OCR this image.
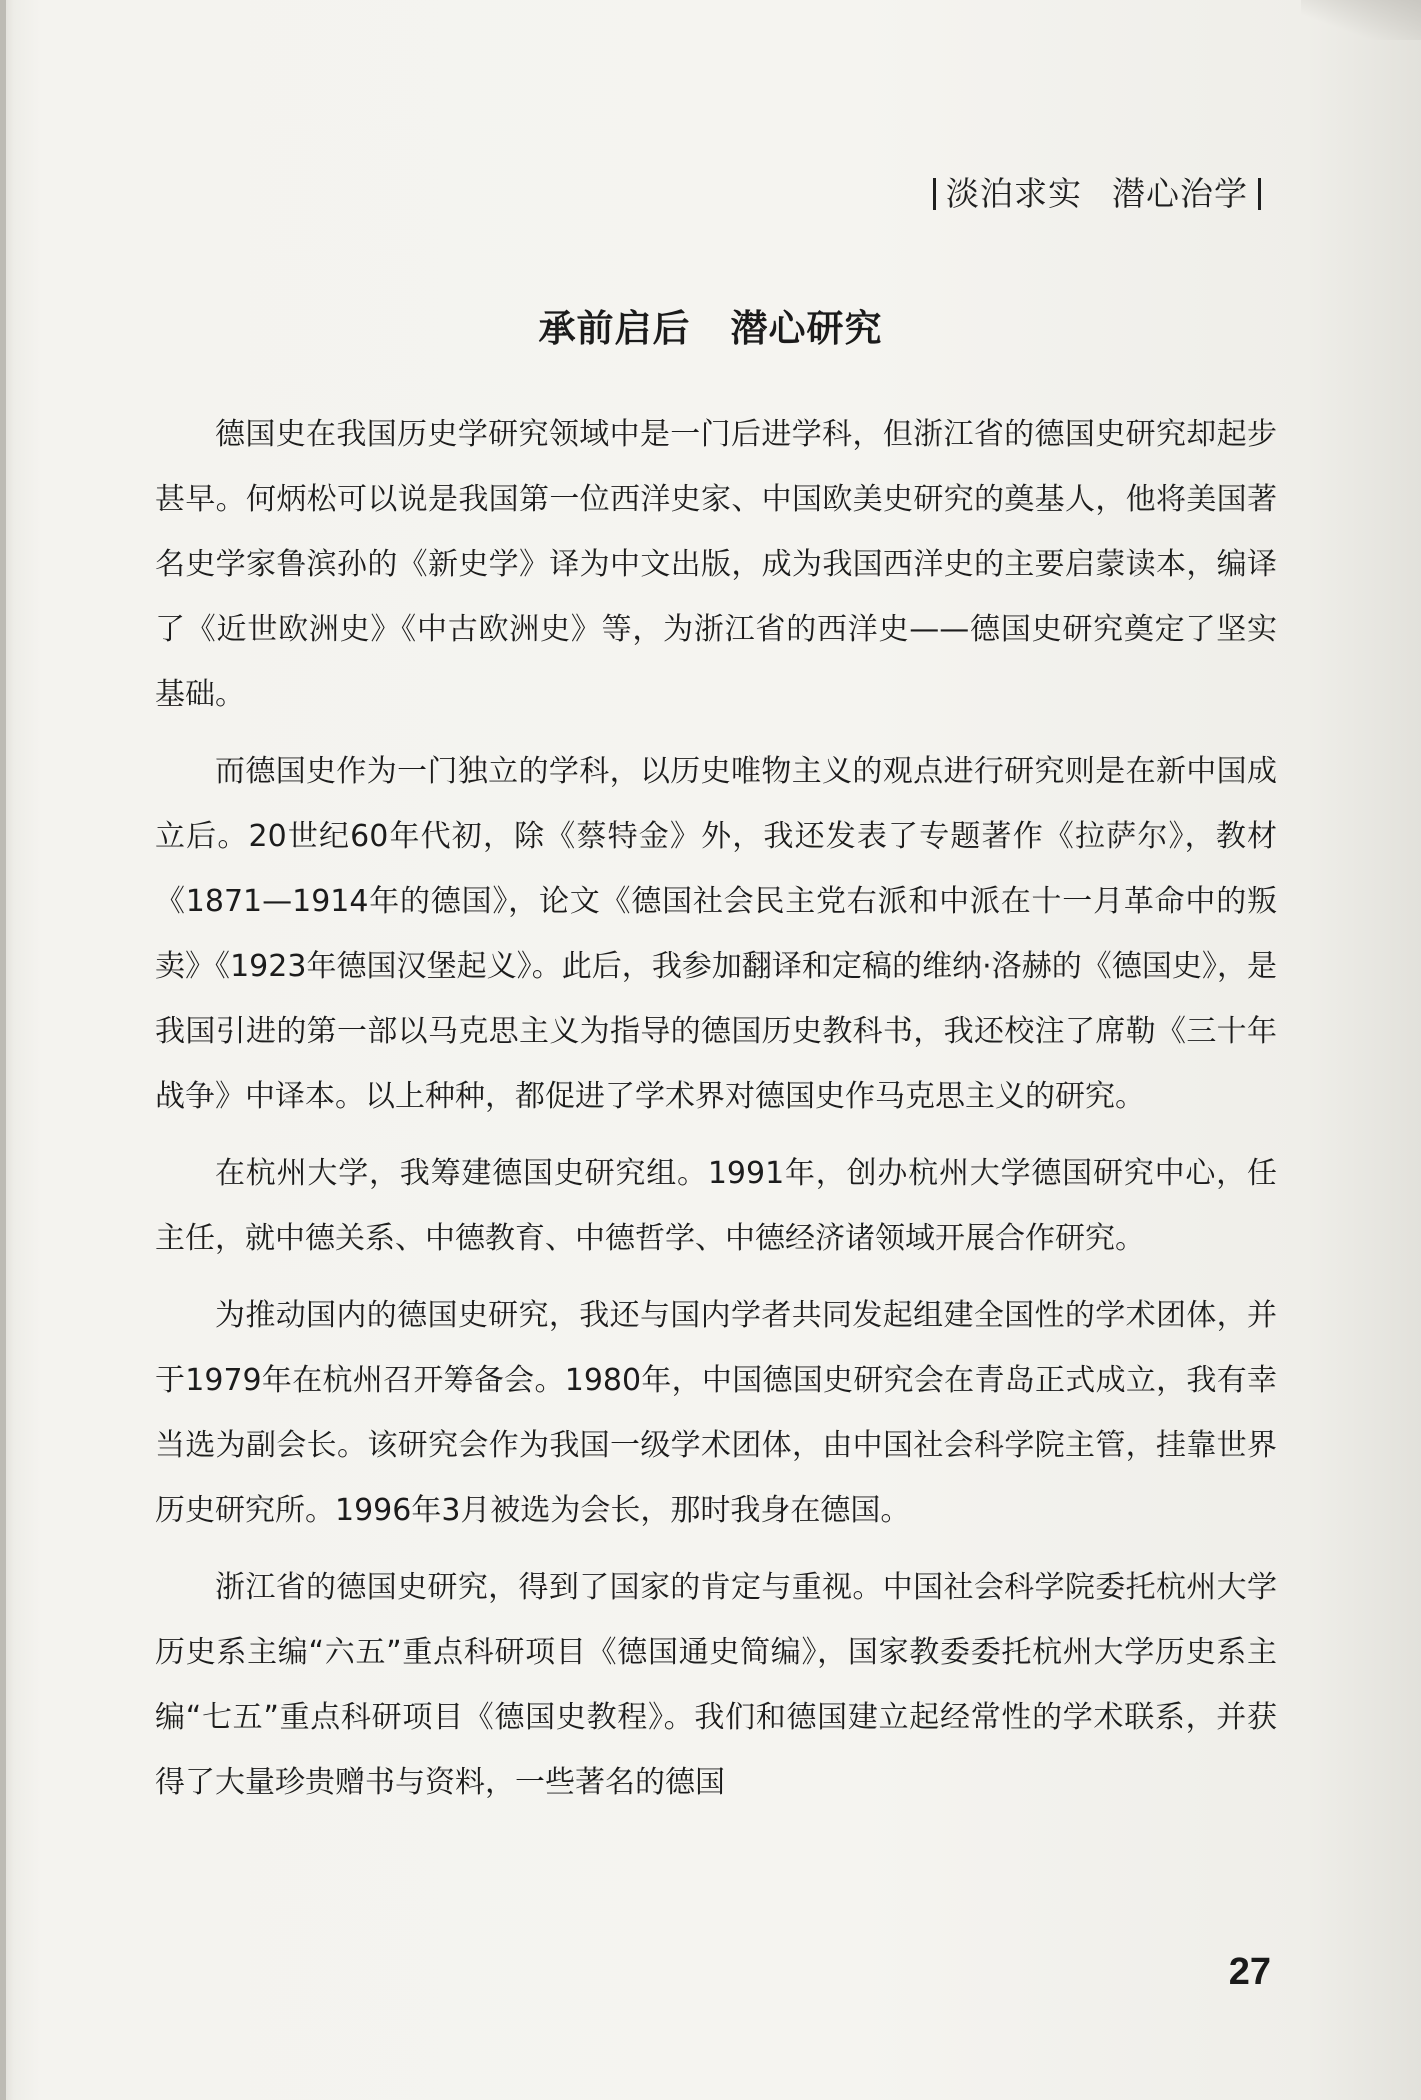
淡泊求实 潜心治学
承前启后 潜心研究

德国史在我国历史学研究领域中是一门后进学科，但浙江省的德国史研究却起步甚早。何炳松可以说是我国第一位西洋史家、中国欧美史研究的奠基人，他将美国著名史学家鲁滨孙的《新史学》译为中文出版，成为我国西洋史的主要启蒙读本，编译了《近世欧洲史》《中古欧洲史》等，为浙江省的西洋史——德国史研究奠定了坚实基础。

而德国史作为一门独立的学科，以历史唯物主义的观点进行研究则是在新中国成立后。20世纪60年代初，除《蔡特金》外，我还发表了专题著作《拉萨尔》，教材《1871—1914年的德国》，论文《德国社会民主党右派和中派在十一月革命中的叛卖》《1923年德国汉堡起义》。此后，我参加翻译和定稿的维纳·洛赫的《德国史》，是我国引进的第一部以马克思主义为指导的德国历史教科书，我还校注了席勒《三十年战争》中译本。以上种种，都促进了学术界对德国史作马克思主义的研究。

在杭州大学，我筹建德国史研究组。1991年，创办杭州大学德国研究中心，任主任，就中德关系、中德教育、中德哲学、中德经济诸领域开展合作研究。

为推动国内的德国史研究，我还与国内学者共同发起组建全国性的学术团体，并于1979年在杭州召开筹备会。1980年，中国德国史研究会在青岛正式成立，我有幸当选为副会长。该研究会作为我国一级学术团体，由中国社会科学院主管，挂靠世界历史研究所。1996年3月被选为会长，那时我身在德国。

浙江省的德国史研究，得到了国家的肯定与重视。中国社会科学院委托杭州大学历史系主编“六五”重点科研项目《德国通史简编》，国家教委委托杭州大学历史系主编“七五”重点科研项目《德国史教程》。我们和德国建立起经常性的学术联系，并获得了大量珍贵赠书与资料，一些著名的德国

27
